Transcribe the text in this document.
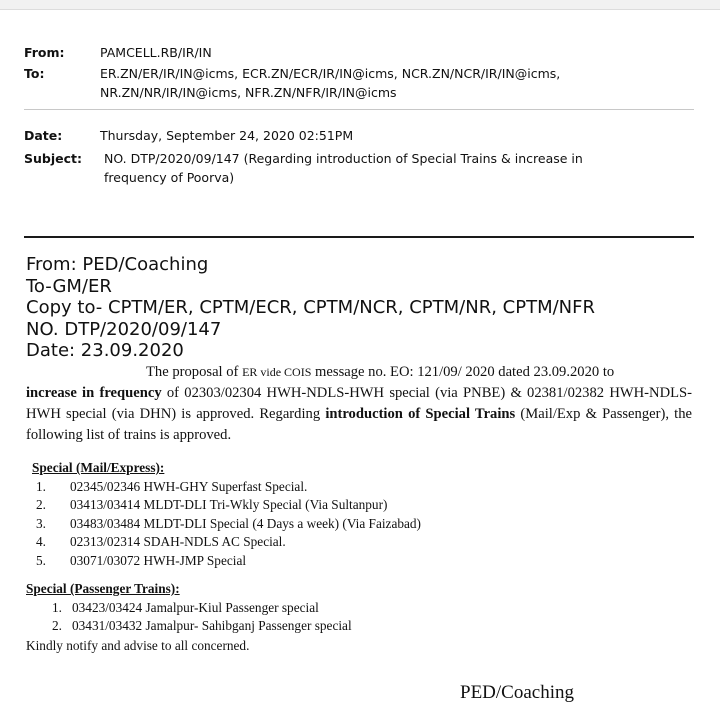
From:	PAMCELL.RB/IR/IN
To:	ER.ZN/ER/IR/IN@icms, ECR.ZN/ECR/IR/IN@icms, NCR.ZN/NCR/IR/IN@icms,
NR.ZN/NR/IR/IN@icms, NFR.ZN/NFR/IR/IN@icms
Date:	Thursday, September 24, 2020 02:51PM
Subject: NO. DTP/2020/09/147 (Regarding introduction of Special Trains & increase in
frequency of Poorva)
From: PED/Coaching
To-GM/ER
Copy to- CPTM/ER, CPTM/ECR, CPTM/NCR, CPTM/NR, CPTM/NFR
NO. DTP/2020/09/147
Date: 23.09.2020

The proposal of ER vide COIS message no. EO: 121/09/ 2020 dated 23.09.2020 to

increase in frequency of 02303/02304 HWH-NDLS-HWH special (via PNBE) & 02381/02382 HWH-NDLS-HWH special (via DHN) is approved. Regarding introduction of Special Trains (Mail/Exp & Passenger), the following list of trains is approved.

Special (Mail/Express):
1. 02345/02346 HWH-GHY Superfast Special.
2. 03413/03414 MLDT-DLI Tri-Wkly Special (Via Sultanpur)
3. 03483/03484 MLDT-DLI Special (4 Days a week) (Via Faizabad)
4. 02313/02314 SDAH-NDLS AC Special.
5. 03071/03072 HWH-JMP Special
Special (Passenger Trains):
1. 03423/03424 Jamalpur-Kiul Passenger special
2. 03431/03432 Jamalpur- Sahibganj Passenger special
Kindly notify and advise to all concerned.
PED/Coaching
